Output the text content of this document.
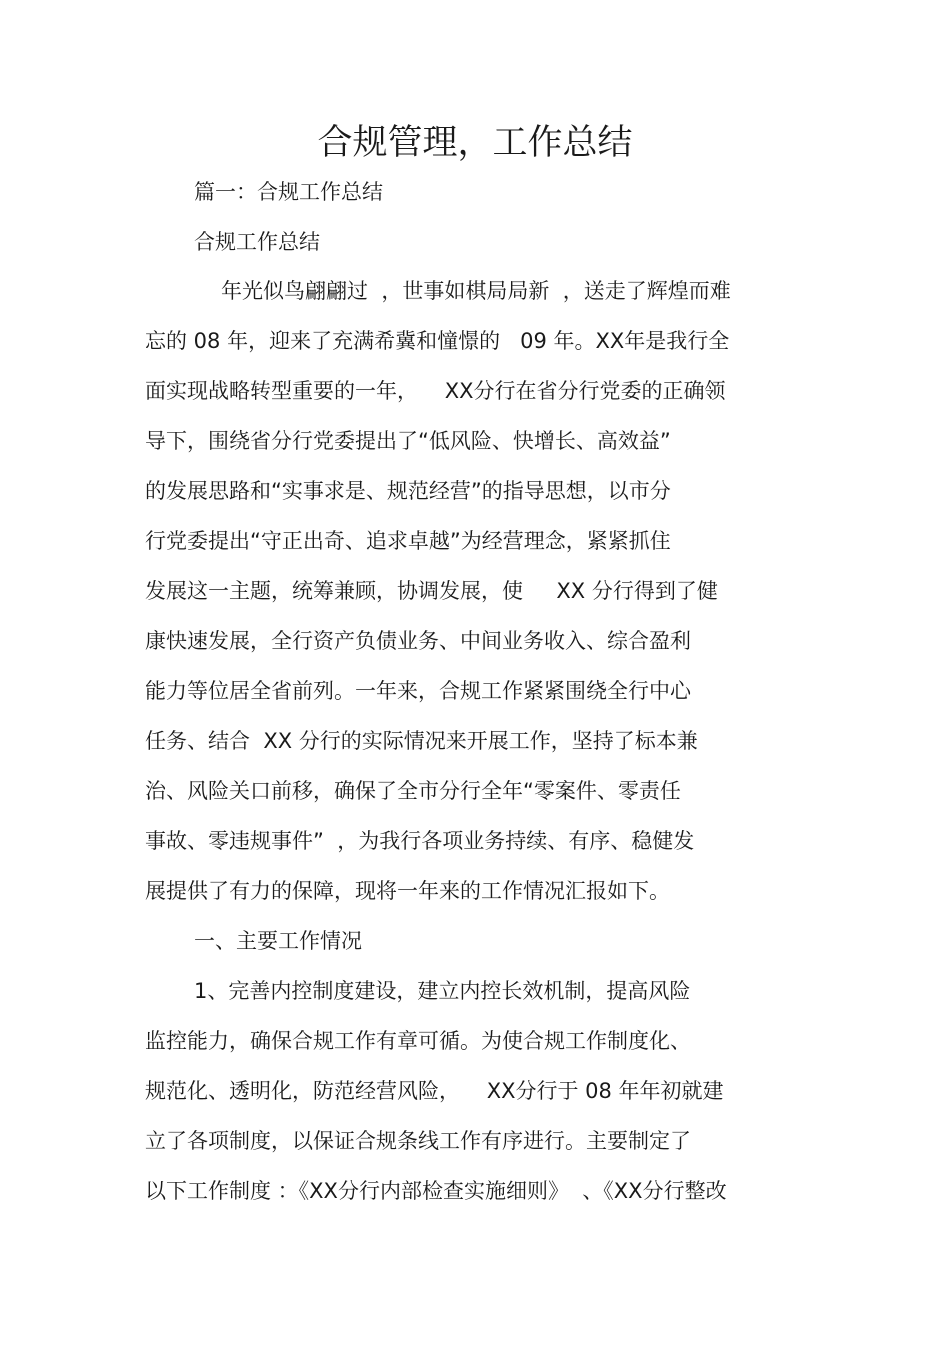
合规管理，工作总结
篇一：合规工作总结
合规工作总结
年光似鸟翩翩过  ，世事如棋局局新  ，送走了辉煌而难
忘的 08 年，迎来了充满希冀和憧憬的   09 年。XX年是我行全
面实现战略转型重要的一年，    XX分行在省分行党委的正确领
导下，围绕省分行党委提出了“低风险、快增长、高效益”
的发展思路和“实事求是、规范经营”的指导思想，以市分
行党委提出“守正出奇、追求卓越”为经营理念，紧紧抓住
发展这一主题，统筹兼顾，协调发展，使     XX 分行得到了健
康快速发展，全行资产负债业务、中间业务收入、综合盈利
能力等位居全省前列。一年来，合规工作紧紧围绕全行中心
任务、结合  XX 分行的实际情况来开展工作，坚持了标本兼
治、风险关口前移，确保了全市分行全年“零案件、零责任
事故、零违规事件”  ，为我行各项业务持续、有序、稳健发
展提供了有力的保障，现将一年来的工作情况汇报如下。
一、主要工作情况
1、完善内控制度建设，建立内控长效机制，提高风险
监控能力，确保合规工作有章可循。为使合规工作制度化、
规范化、透明化，防范经营风险，    XX分行于 08 年年初就建
立了各项制度，以保证合规条线工作有序进行。主要制定了
以下工作制度 ：《XX分行内部检查实施细则》  、《XX分行整改
